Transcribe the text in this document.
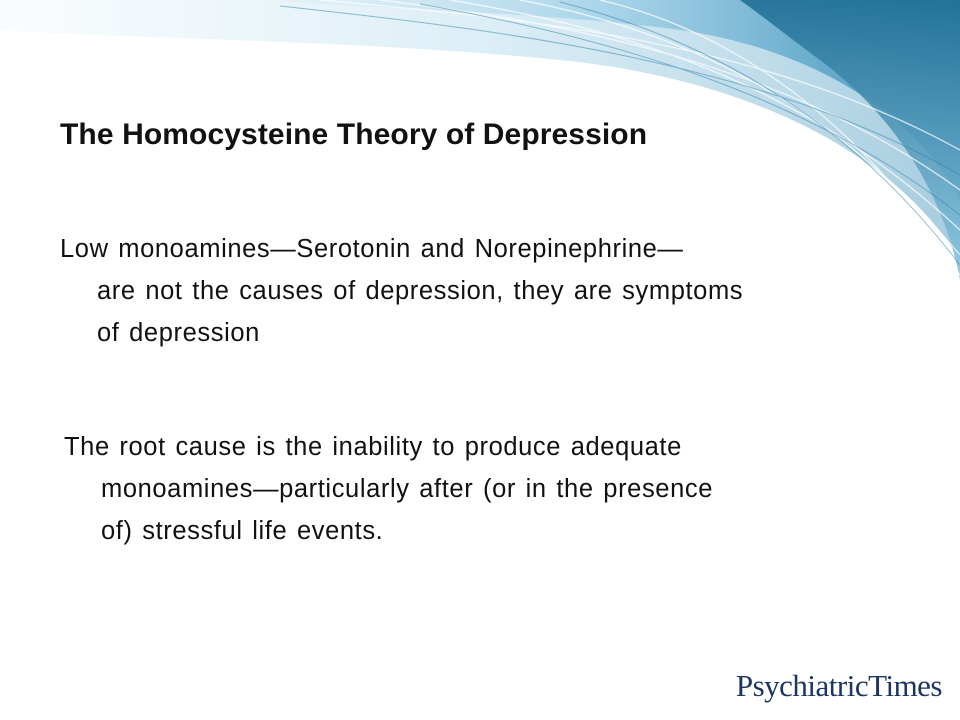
The Homocysteine Theory of Depression
Low monoamines—Serotonin and Norepinephrine—
are not the causes of depression, they are symptoms
of depression
The root cause is the inability to produce adequate
monoamines—particularly after (or in the presence
of) stressful life events.
PsychiatricTimes
